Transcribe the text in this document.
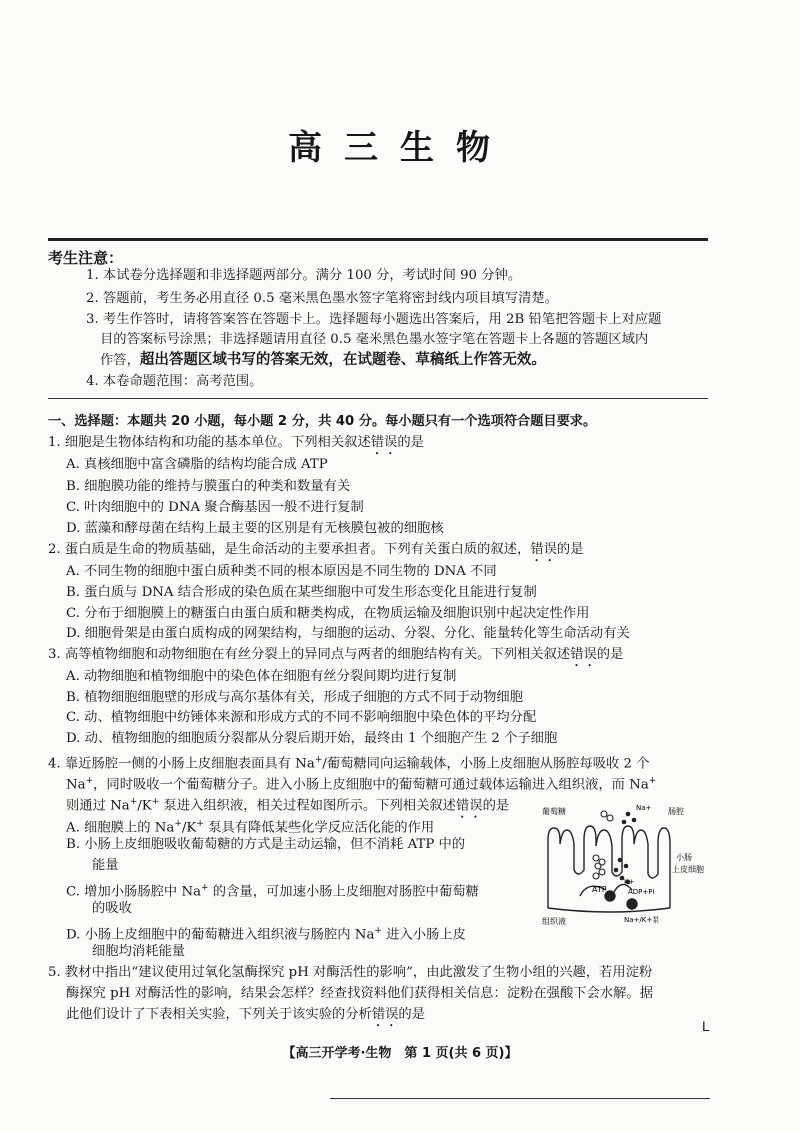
高三生物
考生注意：
1. 本试卷分选择题和非选择题两部分。满分 100 分，考试时间 90 分钟。
2. 答题前，考生务必用直径 0.5 毫米黑色墨水签字笔将密封线内项目填写清楚。
3. 考生作答时，请将答案答在答题卡上。选择题每小题选出答案后，用 2B 铅笔把答题卡上对应题
目的答案标号涂黑；非选择题请用直径 0.5 毫米黑色墨水签字笔在答题卡上各题的答题区域内
作答，超出答题区域书写的答案无效，在试题卷、草稿纸上作答无效。
4. 本卷命题范围：高考范围。
一、选择题：本题共 20 小题，每小题 2 分，共 40 分。每小题只有一个选项符合题目要求。
1. 细胞是生物体结构和功能的基本单位。下列相关叙述错误的是
A. 真核细胞中富含磷脂的结构均能合成 ATP
B. 细胞膜功能的维持与膜蛋白的种类和数量有关
C. 叶肉细胞中的 DNA 聚合酶基因一般不进行复制
D. 蓝藻和酵母菌在结构上最主要的区别是有无核膜包被的细胞核
2. 蛋白质是生命的物质基础，是生命活动的主要承担者。下列有关蛋白质的叙述，错误的是
A. 不同生物的细胞中蛋白质种类不同的根本原因是不同生物的 DNA 不同
B. 蛋白质与 DNA 结合形成的染色质在某些细胞中可发生形态变化且能进行复制
C. 分布于细胞膜上的糖蛋白由蛋白质和糖类构成，在物质运输及细胞识别中起决定性作用
D. 细胞骨架是由蛋白质构成的网架结构，与细胞的运动、分裂、分化、能量转化等生命活动有关
3. 高等植物细胞和动物细胞在有丝分裂上的异同点与两者的细胞结构有关。下列相关叙述错误的是
A. 动物细胞和植物细胞中的染色体在细胞有丝分裂间期均进行复制
B. 植物细胞细胞壁的形成与高尔基体有关，形成子细胞的方式不同于动物细胞
C. 动、植物细胞中纺锤体来源和形成方式的不同不影响细胞中染色体的平均分配
D. 动、植物细胞的细胞质分裂都从分裂后期开始，最终由 1 个细胞产生 2 个子细胞
4. 靠近肠腔一侧的小肠上皮细胞表面具有 Na+/葡萄糖同向运输载体，小肠上皮细胞从肠腔每吸收 2 个
Na+，同时吸收一个葡萄糖分子。进入小肠上皮细胞中的葡萄糖可通过载体运输进入组织液，而 Na+
则通过 Na+/K+ 泵进入组织液，相关过程如图所示。下列相关叙述错误的是
A. 细胞膜上的 Na+/K+ 泵具有降低某些化学反应活化能的作用
B. 小肠上皮细胞吸收葡萄糖的方式是主动运输，但不消耗 ATP 中的
能量
C. 增加小肠肠腔中 Na+ 的含量，可加速小肠上皮细胞对肠腔中葡萄糖
的吸收
D. 小肠上皮细胞中的葡萄糖进入组织液与肠腔内 Na+ 进入小肠上皮
细胞均消耗能量
葡萄糖	Na+ 肠腔
小肠
上皮细胞
K+
ATP	ADP+Pi
组织液	Na+/K+泵
5. 教材中指出“建议使用过氧化氢酶探究 pH 对酶活性的影响”，由此激发了生物小组的兴趣，若用淀粉
酶探究 pH 对酶活性的影响，结果会怎样？经查找资料他们获得相关信息：淀粉在强酸下会水解。据
此他们设计了下表相关实验，下列关于该实验的分析错误的是
【高三开学考·生物　第 1 页(共 6 页)】
L
